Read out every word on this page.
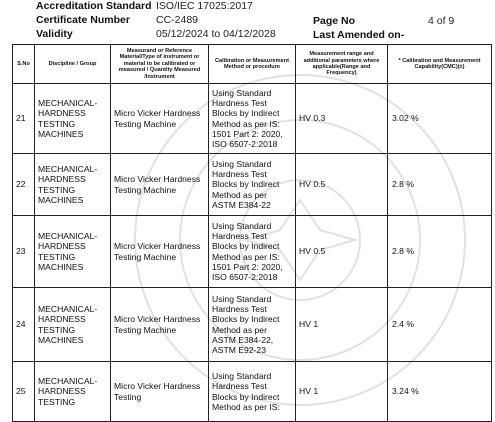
Accreditation Standard ISO/IEC 17025:2017
Certificate Number CC-2489	Page No	4 of 9
Validity	05/12/2024 to 04/12/2028	Last Amended on-
S.No	Discipline / Group	Measurand or Reference Material/Type of instrument or material to be calibrated or measured / Quantity Measured /Instrument	Calibration or Measurement Method or procedure	Measurement range and additional parameters where applicable(Range and Frequency)	* Calibration and Measurement Capability(CMC)(±)
21	MECHANICAL- HARDNESS TESTING MACHINES	Micro Vicker Hardness Testing Machine	Using Standard Hardness Test Blocks by Indirect Method as per IS: 1501 Part 2: 2020, ISO 6507-2:2018	HV 0.3	3.02 %
22	MECHANICAL- HARDNESS TESTING MACHINES	Micro Vicker Hardness Testing Machine	Using Standard Hardness Test Blocks by Indirect Method as per ASTM E384-22	HV 0.5	2.8 %
23	MECHANICAL- HARDNESS TESTING MACHINES	Micro Vicker Hardness Testing Machine	Using Standard Hardness Test Blocks by Indirect Method as per IS: 1501 Part 2: 2020, ISO 6507-2:2018	HV 0.5	2.8 %
24	MECHANICAL- HARDNESS TESTING MACHINES	Micro Vicker Hardness Testing Machine	Using Standard Hardness Test Blocks by Indirect Method as per ASTM E384-22, ASTM E92-23	HV 1	2.4 %
25	MECHANICAL- HARDNESS TESTING	Micro Vicker Hardness Testing	Using Standard Hardness Test Blocks by Indirect Method as per IS:	HV 1	3.24 %
